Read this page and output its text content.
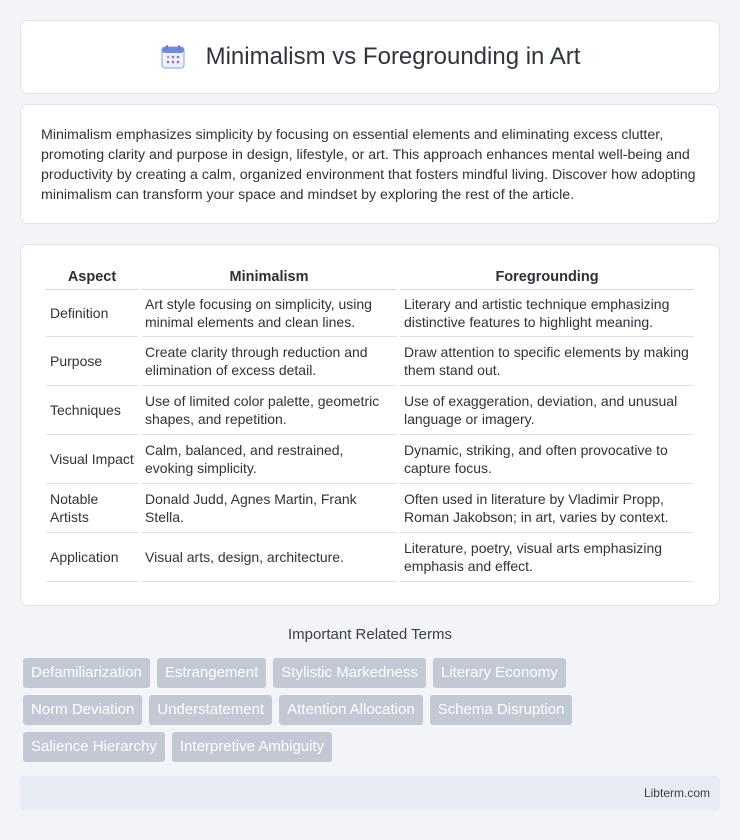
Minimalism vs Foregrounding in Art

Minimalism emphasizes simplicity by focusing on essential elements and eliminating excess clutter, promoting clarity and purpose in design, lifestyle, or art. This approach enhances mental well-being and productivity by creating a calm, organized environment that fosters mindful living. Discover how adopting minimalism can transform your space and mindset by exploring the rest of the article.

Aspect	Minimalism	Foregrounding
Definition	Art style focusing on simplicity, using minimal elements and clean lines.	Literary and artistic technique emphasizing distinctive features to highlight meaning.
Purpose	Create clarity through reduction and elimination of excess detail.	Draw attention to specific elements by making them stand out.
Techniques	Use of limited color palette, geometric shapes, and repetition.	Use of exaggeration, deviation, and unusual language or imagery.
Visual Impact	Calm, balanced, and restrained, evoking simplicity.	Dynamic, striking, and often provocative to capture focus.
Notable Artists	Donald Judd, Agnes Martin, Frank Stella.	Often used in literature by Vladimir Propp, Roman Jakobson; in art, varies by context.
Application	Visual arts, design, architecture.	Literature, poetry, visual arts emphasizing emphasis and effect.
Important Related Terms
Defamiliarization	Estrangement	Stylistic Markedness	Literary Economy
Norm Deviation	Understatement	Attention Allocation	Schema Disruption
Salience Hierarchy	Interpretive Ambiguity
Libterm.com
